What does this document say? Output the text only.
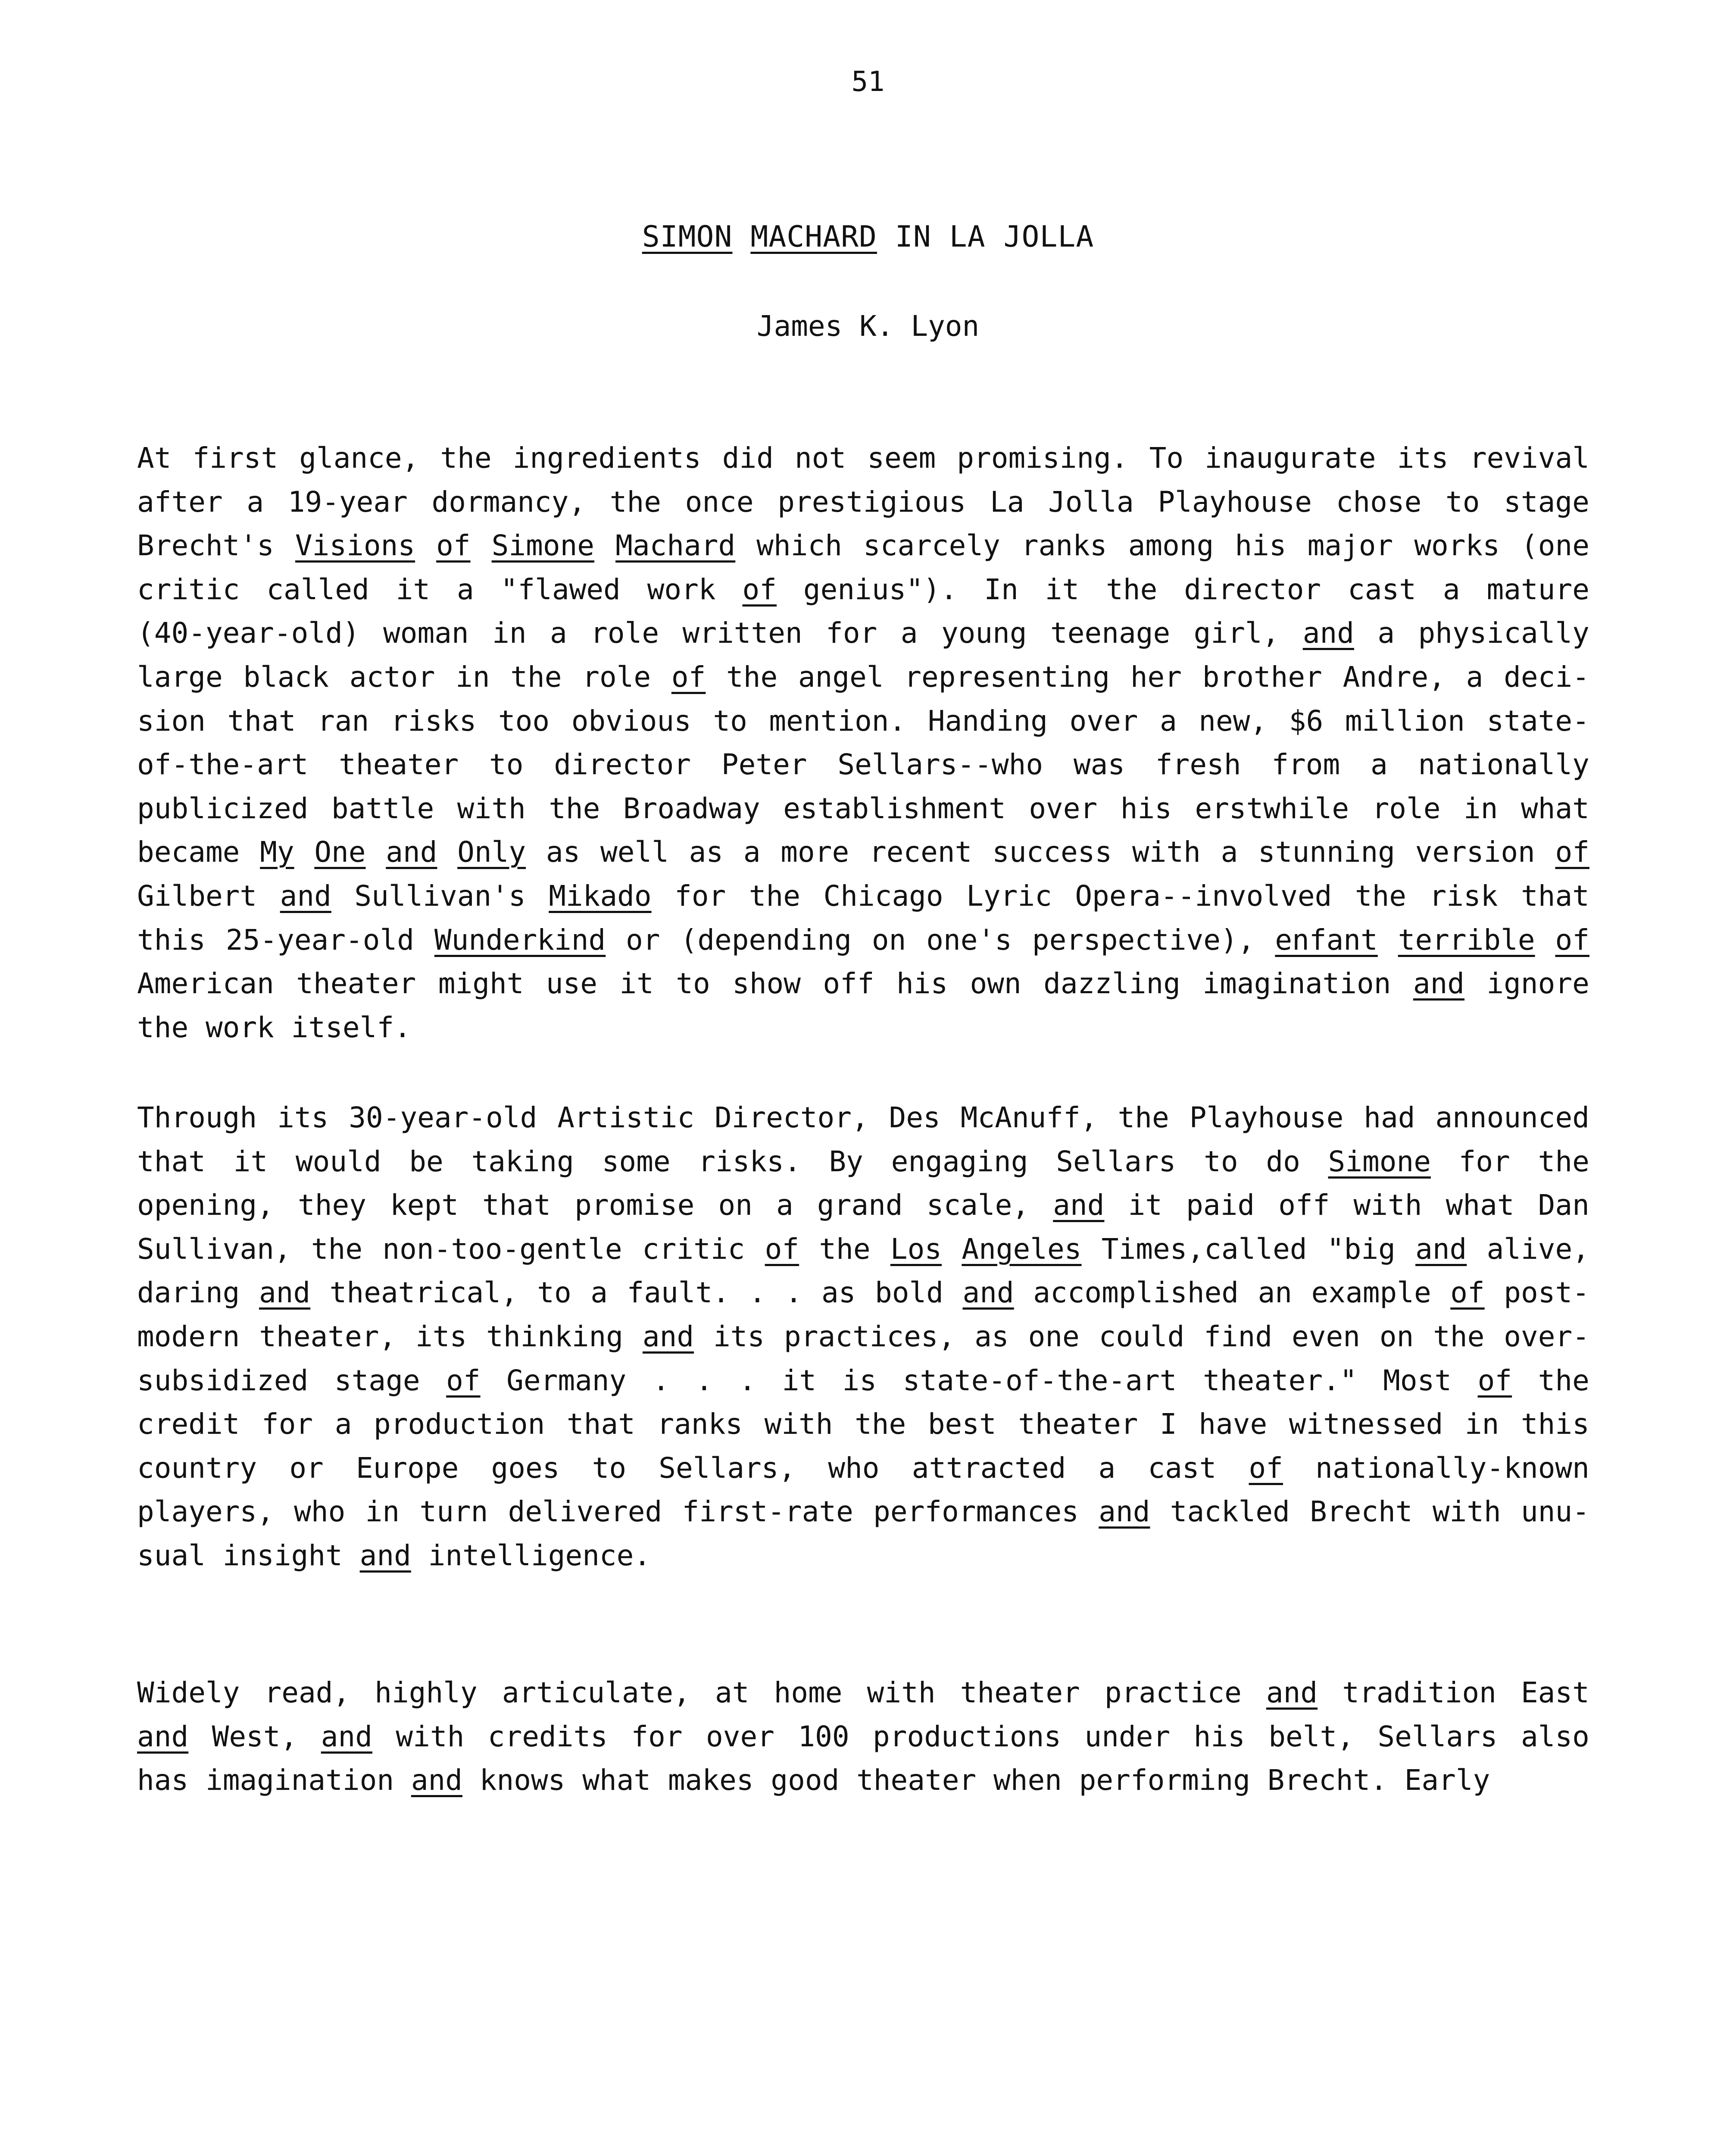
51
SIMON MACHARD IN LA JOLLA
James K. Lyon
At first glance, the ingredients did not seem promising. To inaugurate its revival
after a 19-year dormancy, the once prestigious La Jolla Playhouse chose to stage
Brecht's Visions of Simone Machard which scarcely ranks among his major works (one
critic called it a "flawed work of genius"). In it the director cast a mature
(40-year-old) woman in a role written for a young teenage girl, and a physically
large black actor in the role of the angel representing her brother Andre, a deci-
sion that ran risks too obvious to mention. Handing over a new, $6 million state-
of-the-art theater to director Peter Sellars--who was fresh from a nationally
publicized battle with the Broadway establishment over his erstwhile role in what
became My One and Only as well as a more recent success with a stunning version of
Gilbert and Sullivan's Mikado for the Chicago Lyric Opera--involved the risk that
this 25-year-old Wunderkind or (depending on one's perspective), enfant terrible of
American theater might use it to show off his own dazzling imagination and ignore
the work itself.
Through its 30-year-old Artistic Director, Des McAnuff, the Playhouse had announced
that it would be taking some risks. By engaging Sellars to do Simone for the
opening, they kept that promise on a grand scale, and it paid off with what Dan
Sullivan, the non-too-gentle critic of the Los Angeles Times,called "big and alive,
daring and theatrical, to a fault. . . as bold and accomplished an example of post-
modern theater, its thinking and its practices, as one could find even on the over-
subsidized stage of Germany . . . it is state-of-the-art theater." Most of the
credit for a production that ranks with the best theater I have witnessed in this
country or Europe goes to Sellars, who attracted a cast of nationally-known
players, who in turn delivered first-rate performances and tackled Brecht with unu-
sual insight and intelligence.
Widely read, highly articulate, at home with theater practice and tradition East
and West, and with credits for over 100 productions under his belt, Sellars also
has imagination and knows what makes good theater when performing Brecht. Early
